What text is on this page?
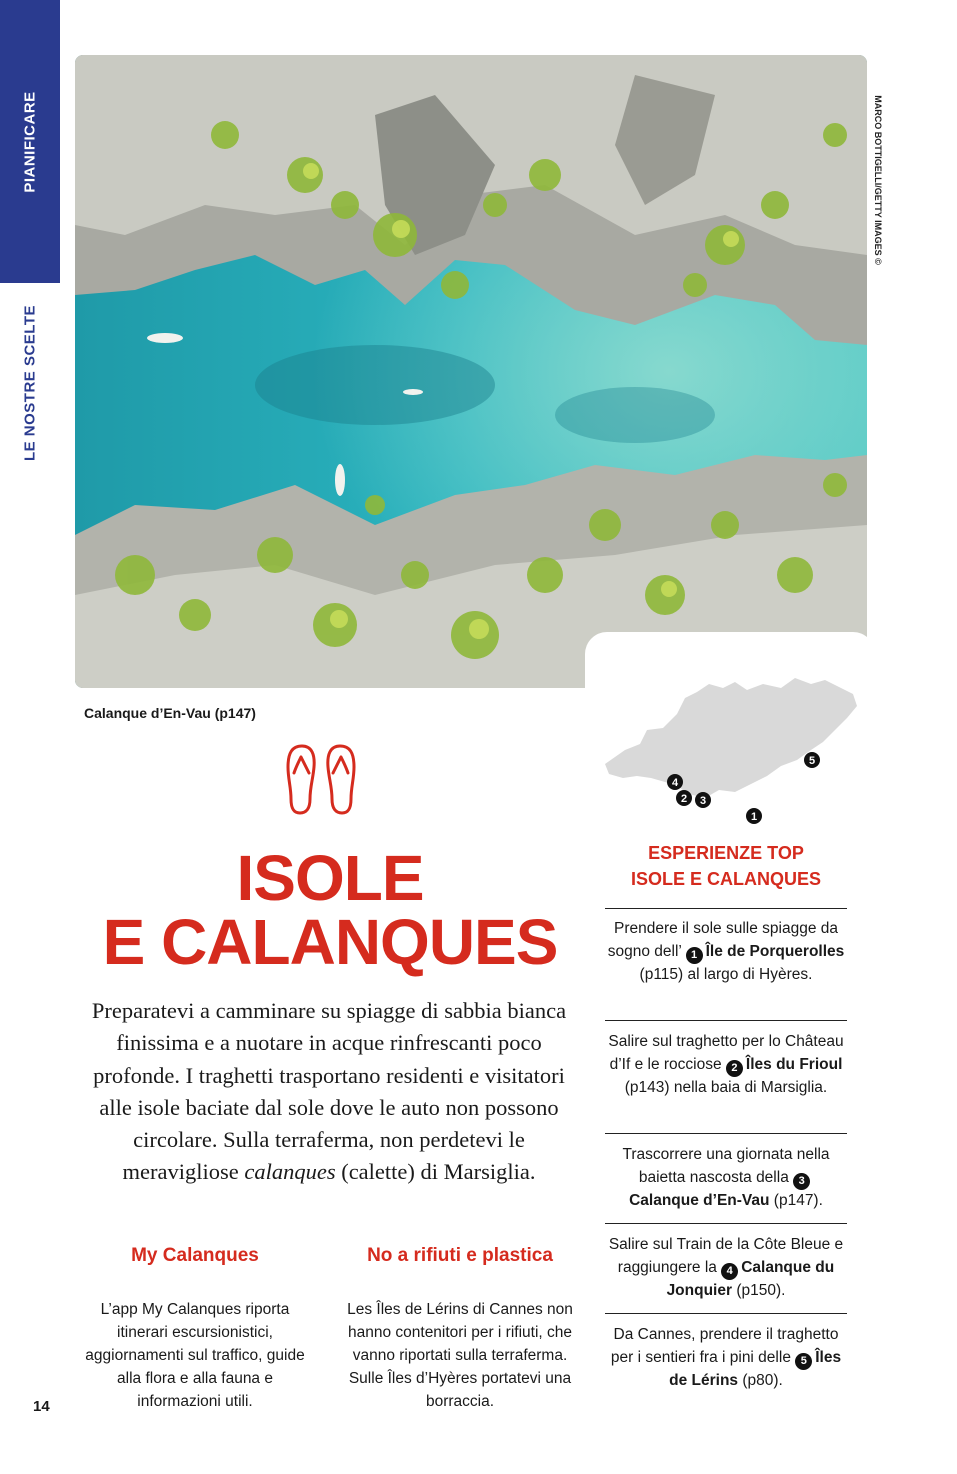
PIANIFICARE
LE NOSTRE SCELTE
MARCO BOTTIGELLI/GETTY IMAGES ©
Calanque d’En-Vau (p147)
1
2 3
4
5
ISOLE
E CALANQUES
Preparatevi a camminare su spiagge di sabbia bianca finissima e a nuotare in acque rinfrescanti poco profonde. I traghetti trasportano residenti e visitatori alle isole baciate dal sole dove le auto non possono circolare. Sulla terraferma, non perdetevi le meravigliose calanques (calette) di Marsiglia.
My Calanques
L’app My Calanques riporta itinerari escursionistici, aggiornamenti sul traffico, guide alla flora e alla fauna e informazioni utili.
No a rifiuti e plastica
Les Îles de Lérins di Cannes non hanno contenitori per i rifiuti, che vanno riportati sulla terraferma. Sulle Îles d’Hyères portatevi una borraccia.
14
ESPERIENZE TOP
ISOLE E CALANQUES
Prendere il sole sulle spiagge da sogno dell’ 1 Île de Porquerolles (p115) al largo di Hyères.
Salire sul traghetto per lo Château d’If e le rocciose 2 Îles du Frioul (p143) nella baia di Marsiglia.
Trascorrere una giornata nella baietta nascosta della 3Calanque d’En-Vau (p147).
Salire sul Train de la Côte Bleue e raggiungere la 4 Calanque du Jonquier (p150).
Da Cannes, prendere il traghetto per i sentieri fra i pini delle 5 Îles de Lérins (p80).
